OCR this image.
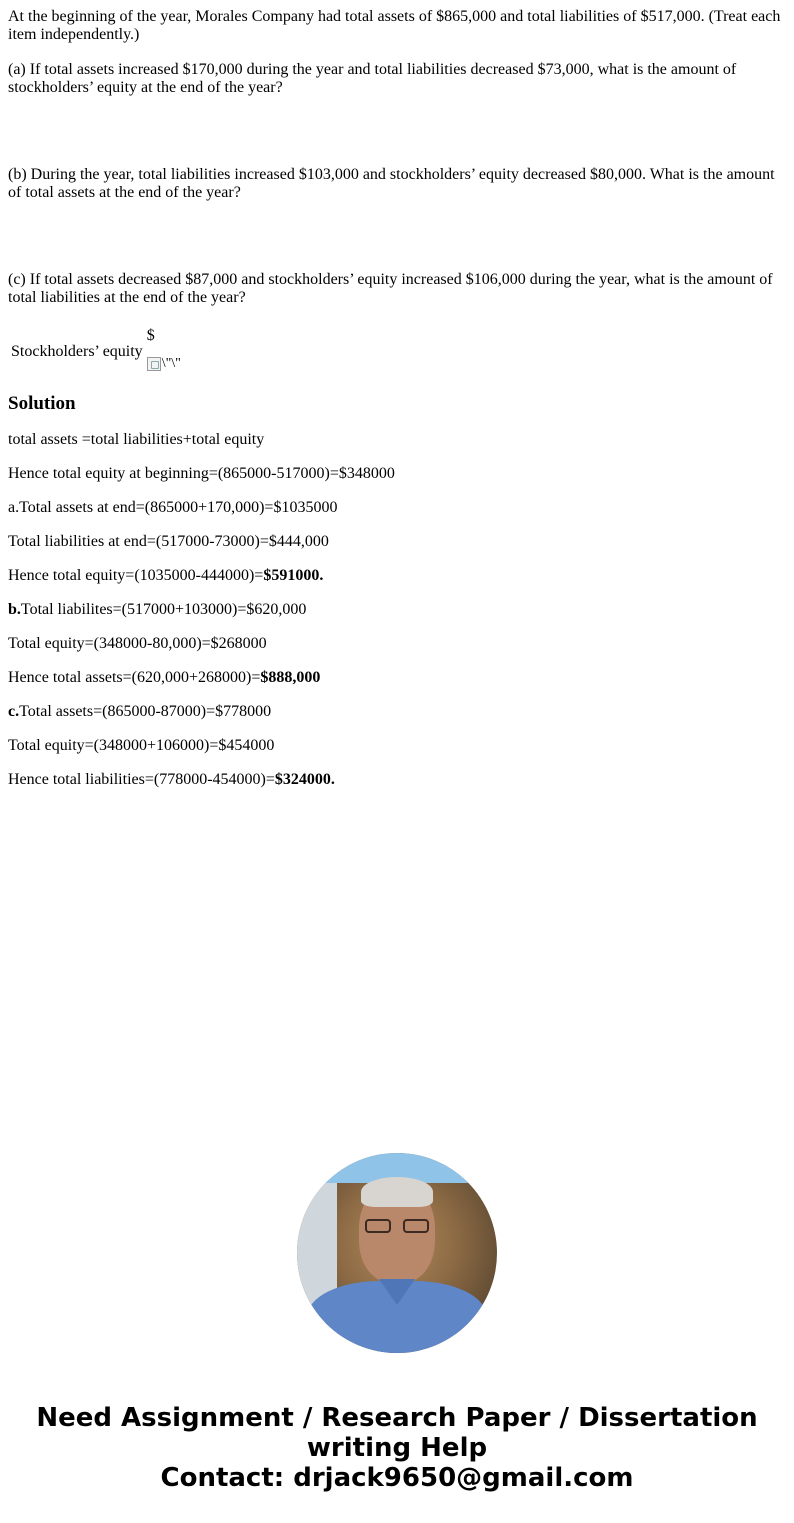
At the beginning of the year, Morales Company had total assets of $865,000 and total liabilities of $517,000. (Treat each item independently.)

(a) If total assets increased $170,000 during the year and total liabilities decreased $73,000, what is the amount of stockholders’ equity at the end of the year?

(b) During the year, total liabilities increased $103,000 and stockholders’ equity decreased $80,000. What is the amount of total assets at the end of the year?

(c) If total assets decreased $87,000 and stockholders’ equity increased $106,000 during the year, what is the amount of total liabilities at the end of the year?

Stockholders’ equity	
$
\"\"
Solution

total assets =total liabilities+total equity

Hence total equity at beginning=(865000-517000)=$348000

a.Total assets at end=(865000+170,000)=$1035000

Total liabilities at end=(517000-73000)=$444,000

Hence total equity=(1035000-444000)=$591000.

b.Total liabilites=(517000+103000)=$620,000

Total equity=(348000-80,000)=$268000

Hence total assets=(620,000+268000)=$888,000

c.Total assets=(865000-87000)=$778000

Total equity=(348000+106000)=$454000

Hence total liabilities=(778000-454000)=$324000.

Need Assignment / Research Paper / Dissertation
writing Help
Contact: drjack9650@gmail.com
